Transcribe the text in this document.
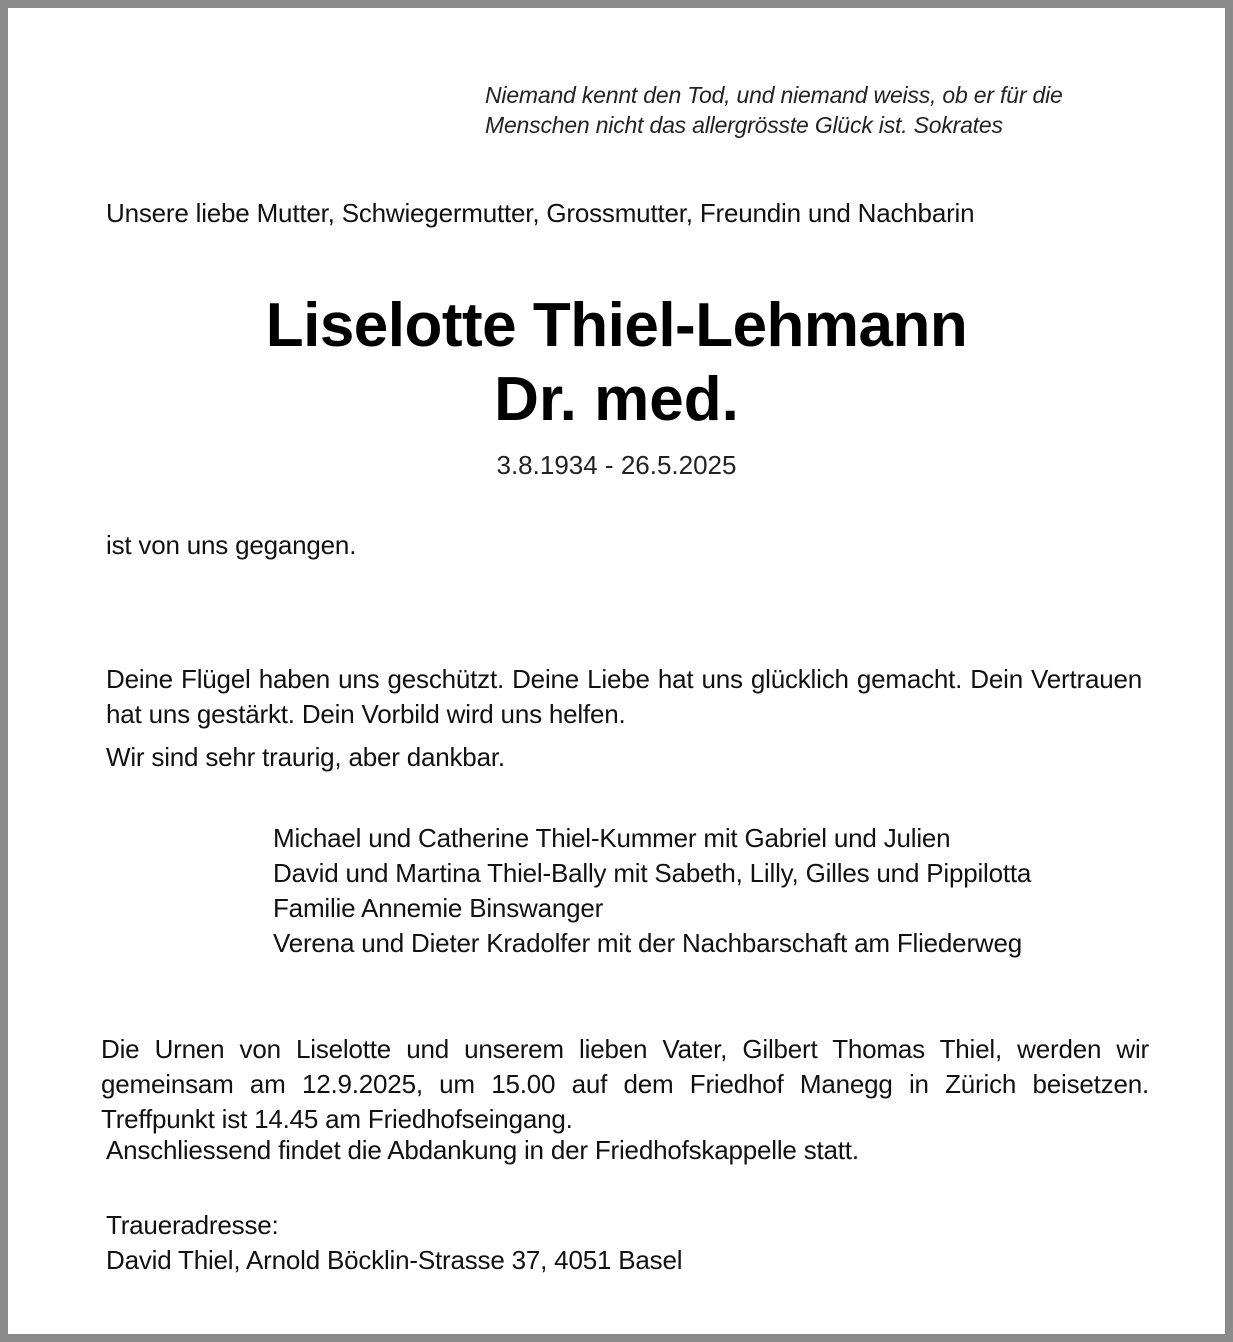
Niemand kennt den Tod, und niemand weiss, ob er für die
Menschen nicht das allergrösste Glück ist. Sokrates

Unsere liebe Mutter, Schwiegermutter, Grossmutter, Freundin und Nachbarin

Liselotte Thiel-Lehmann

Dr. med.

3.8.1934 - 26.5.2025

ist von uns gegangen.

Deine Flügel haben uns geschützt. Deine Liebe hat uns glücklich gemacht. Dein Vertrauen hat uns gestärkt. Dein Vorbild wird uns helfen.

Wir sind sehr traurig, aber dankbar.

Michael und Catherine Thiel-Kummer mit Gabriel und Julien
David und Martina Thiel-Bally mit Sabeth, Lilly, Gilles und Pippilotta
Familie Annemie Binswanger
Verena und Dieter Kradolfer mit der Nachbarschaft am Fliederweg

Die Urnen von Liselotte und unserem lieben Vater, Gilbert Thomas Thiel, werden wir gemeinsam am 12.9.2025, um 15.00 auf dem Friedhof Manegg in Zürich beisetzen. Treffpunkt ist 14.45 am Friedhofseingang.

Anschliessend findet die Abdankung in der Friedhofskappelle statt.

Traueradresse:
David Thiel, Arnold Böcklin-Strasse 37, 4051 Basel
